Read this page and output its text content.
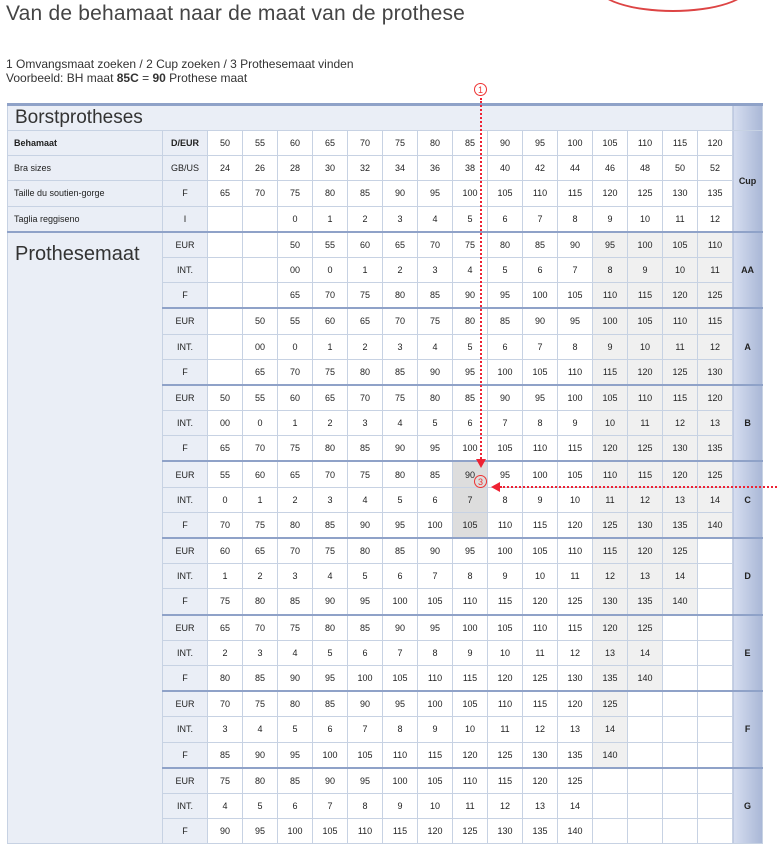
Van de behamaat naar de maat van de prothese
1 Omvangsmaat zoeken / 2 Cup zoeken / 3 Prothesemaat vinden
Voorbeeld: BH maat 85C = 90 Prothese maat
Borstprotheses																	
Behamaat	D/EUR	50	55	60	65	70	75	80	85	90	95	100	105	110	115	120	Cup
Bra sizes	GB/US	24	26	28	30	32	34	36	38	40	42	44	46	48	50	52	
Taille du soutien-gorge	F	65	70	75	80	85	90	95	100	105	110	115	120	125	130	135	
Taglia reggiseno	I			0	1	2	3	4	5	6	7	8	9	10	11	12	
Prothesemaat	EUR			50	55	60	65	70	75	80	85	90	95	100	105	110	AA
	INT.			00	0	1	2	3	4	5	6	7	8	9	10	11	
	F			65	70	75	80	85	90	95	100	105	110	115	120	125	
	EUR		50	55	60	65	70	75	80	85	90	95	100	105	110	115	A
	INT.		00	0	1	2	3	4	5	6	7	8	9	10	11	12	
	F		65	70	75	80	85	90	95	100	105	110	115	120	125	130	
	EUR	50	55	60	65	70	75	80	85	90	95	100	105	110	115	120	B
	INT.	00	0	1	2	3	4	5	6	7	8	9	10	11	12	13	
	F	65	70	75	80	85	90	95	100	105	110	115	120	125	130	135	
	EUR	55	60	65	70	75	80	85	90	95	100	105	110	115	120	125	C
	INT.	0	1	2	3	4	5	6	7	8	9	10	11	12	13	14	
	F	70	75	80	85	90	95	100	105	110	115	120	125	130	135	140	
	EUR	60	65	70	75	80	85	90	95	100	105	110	115	120	125		D
	INT.	1	2	3	4	5	6	7	8	9	10	11	12	13	14		
	F	75	80	85	90	95	100	105	110	115	120	125	130	135	140		
	EUR	65	70	75	80	85	90	95	100	105	110	115	120	125			E
	INT.	2	3	4	5	6	7	8	9	10	11	12	13	14			
	F	80	85	90	95	100	105	110	115	120	125	130	135	140			
	EUR	70	75	80	85	90	95	100	105	110	115	120	125				F
	INT.	3	4	5	6	7	8	9	10	11	12	13	14				
	F	85	90	95	100	105	110	115	120	125	130	135	140				
	EUR	75	80	85	90	95	100	105	110	115	120	125					G
	INT.	4	5	6	7	8	9	10	11	12	13	14					
	F	90	95	100	105	110	115	120	125	130	135	140					
1
3
